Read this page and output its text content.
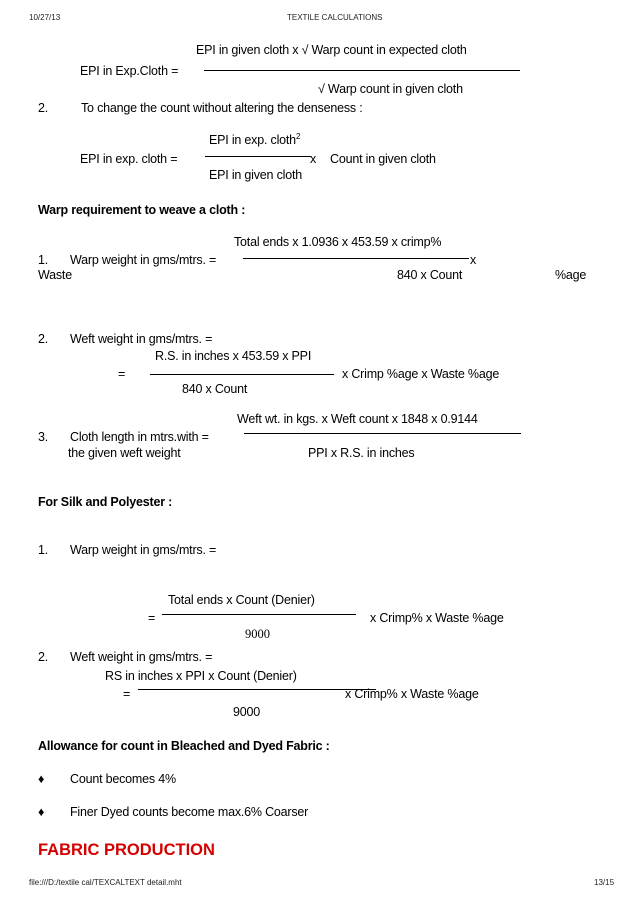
10/27/13	TEXTILE CALCULATIONS
EPI in given cloth x √ Warp count in expected cloth
EPI in Exp.Cloth =
√ Warp count in given cloth
2.	To change the count without altering the denseness :
EPI in exp. cloth$^2$
EPI in exp. cloth =	x Count in given cloth
EPI in given cloth
Warp requirement to weave a cloth :
Total ends x 1.0936 x 453.59 x crimp%
1. Warp weight in gms/mtrs. =	x
Waste	840 x Count	%age
2. Weft weight in gms/mtrs. =
R.S. in inches x 453.59 x PPI
=	x Crimp %age x Waste %age
840 x Count
Weft wt. in kgs. x Weft count x 1848 x 0.9144
3. Cloth length in mtrs.with =
the given weft weight	PPI x R.S. in inches
For Silk and Polyester :
1. Warp weight in gms/mtrs. =
Total ends x Count (Denier)
=	x Crimp% x Waste %age
9000
2. Weft weight in gms/mtrs. =
RS in inches x PPI x Count (Denier)
=	x Crimp% x Waste %age
9000
Allowance for count in Bleached and Dyed Fabric :
♦ Count becomes 4%
♦ Finer Dyed counts become max.6% Coarser
FABRIC PRODUCTION
file:///D:/textile cal/TEXCALTEXT detail.mht	13/15
